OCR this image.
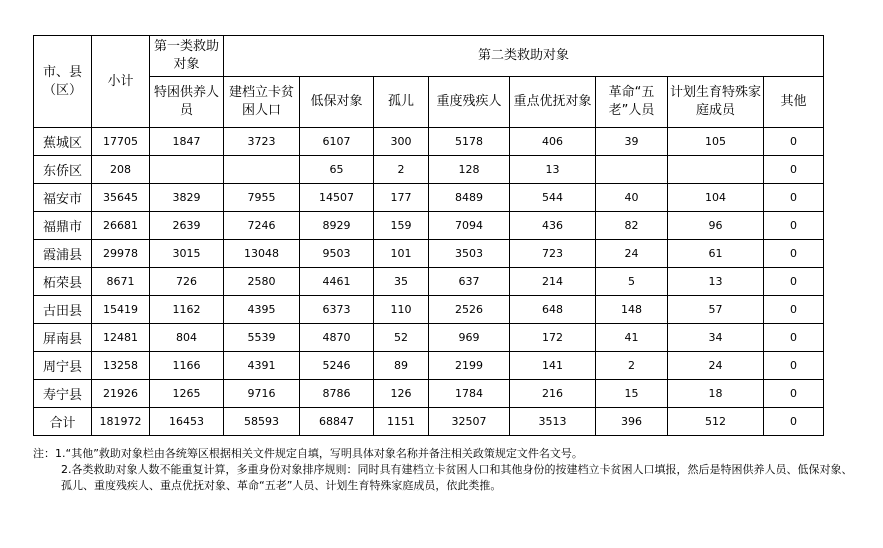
市、县（区）	小计	第一类救助对象	第二类救助对象							
		特困供养人员	建档立卡贫困人口	低保对象	孤儿	重度残疾人	重点优抚对象	革命“五老”人员	计划生育特殊家庭成员	其他
蕉城区	17705	1847	3723	6107	300	5178	406	39	105	0
东侨区	208			65	2	128	13			0
福安市	35645	3829	7955	14507	177	8489	544	40	104	0
福鼎市	26681	2639	7246	8929	159	7094	436	82	96	0
霞浦县	29978	3015	13048	9503	101	3503	723	24	61	0
柘荣县	8671	726	2580	4461	35	637	214	5	13	0
古田县	15419	1162	4395	6373	110	2526	648	148	57	0
屏南县	12481	804	5539	4870	52	969	172	41	34	0
周宁县	13258	1166	4391	5246	89	2199	141	2	24	0
寿宁县	21926	1265	9716	8786	126	1784	216	15	18	0
合计	181972	16453	58593	68847	1151	32507	3513	396	512	0

注：1.“其他”救助对象栏由各统筹区根据相关文件规定自填，写明具体对象名称并备注相关政策规定文件名文号。

2.各类救助对象人数不能重复计算，多重身份对象排序规则：同时具有建档立卡贫困人口和其他身份的按建档立卡贫困人口填报，然后是特困供养人员、低保对象、孤儿、重度残疾人、重点优抚对象、革命“五老”人员、计划生育特殊家庭成员，依此类推。
